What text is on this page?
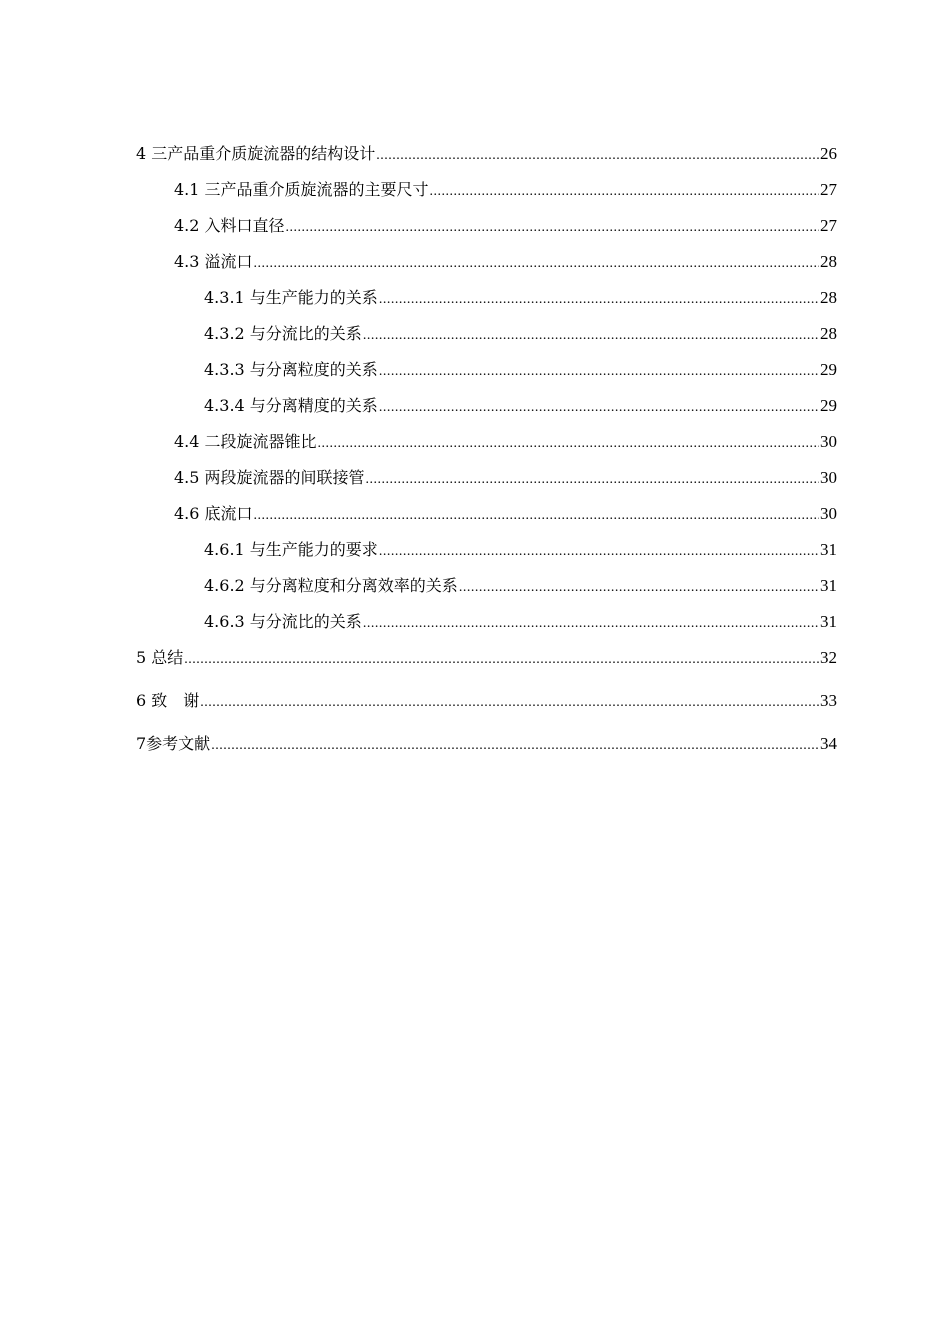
4 三产品重介质旋流器的结构设计 .....	26
4.1 三产品重介质旋流器的主要尺寸 .....	27
4.2 入料口直径 .....	27
4.3 溢流口 .....	28
4.3.1 与生产能力的关系 .....	28
4.3.2 与分流比的关系 .....	28
4.3.3 与分离粒度的关系 .....	29
4.3.4 与分离精度的关系 .....	29
4.4 二段旋流器锥比 .....	30
4.5 两段旋流器的间联接管 .....	30
4.6 底流口 .....	30
4.6.1 与生产能力的要求 .....	31
4.6.2 与分离粒度和分离效率的关系 .....	31
4.6.3 与分流比的关系 .....	31
5 总结 .....	32
6 致　谢 .....	33
7参考文献 .....	34
